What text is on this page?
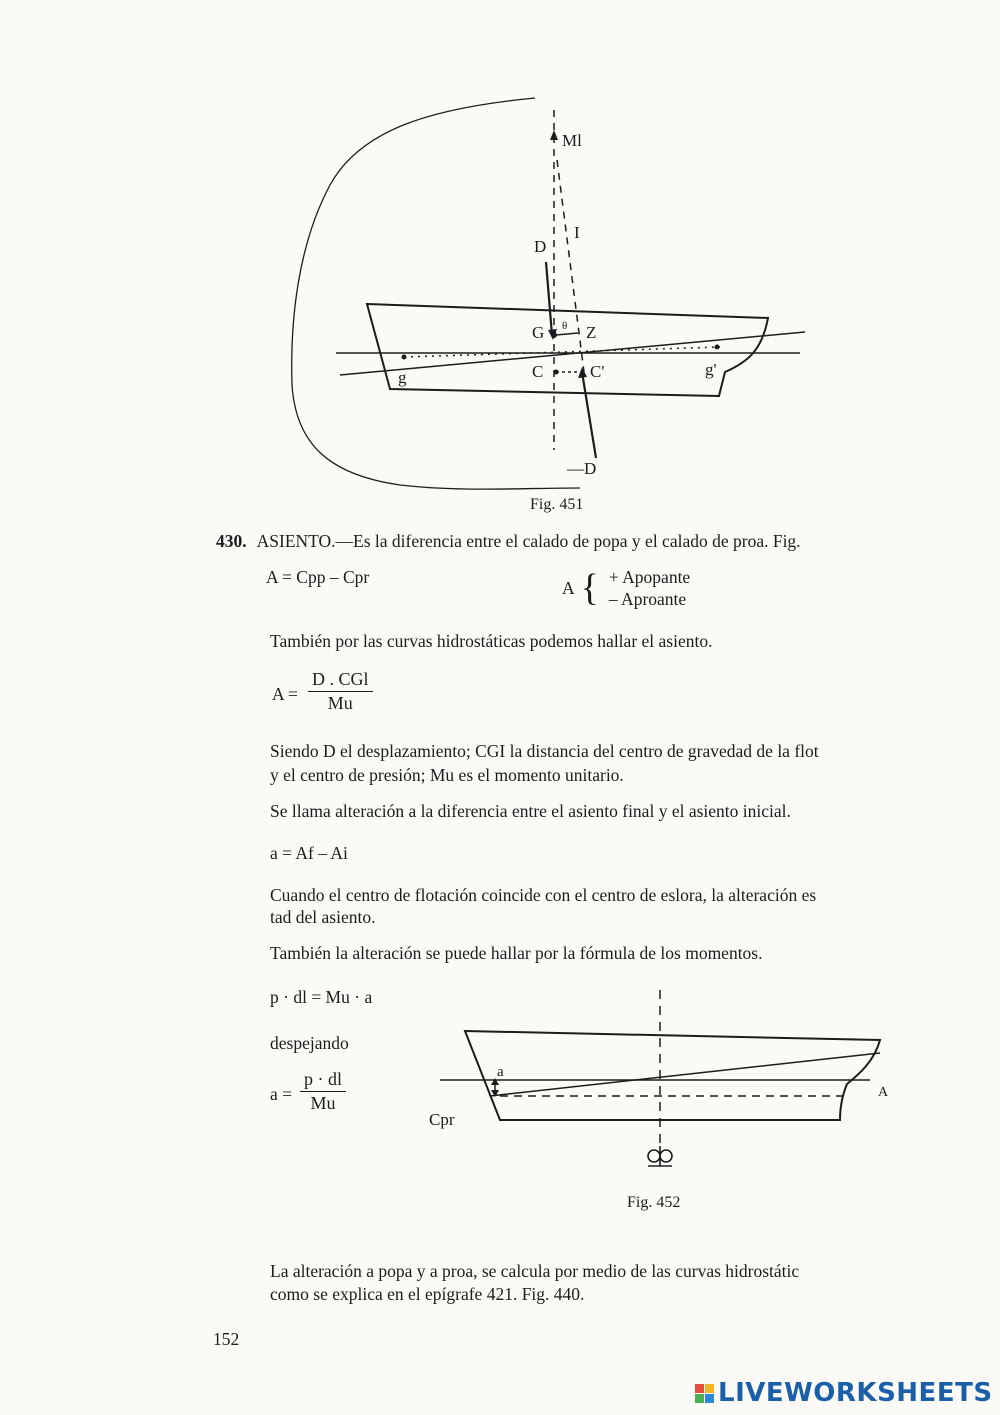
Ml
I
D
G θ Z
C	C'
g	g'
—D
Fig. 451
430. ASIENTO.—Es la diferencia entre el calado de popa y el calado de proa. Fig.
A = Cpp – Cpr
A { + Apopante
– Aproante
También por las curvas hidrostáticas podemos hallar el asiento.
A =
D . CGl
Mu
Siendo D el desplazamiento; CGI la distancia del centro de gravedad de la flot
y el centro de presión; Mu es el momento unitario.
Se llama alteración a la diferencia entre el asiento final y el asiento inicial.
a = Af – Ai
Cuando el centro de flotación coincide con el centro de eslora, la alteración es
tad del asiento.
También la alteración se puede hallar por la fórmula de los momentos.
p · dl = Mu · a
despejando
a =
p · dl
Mu
a
Cpr
A
Fig. 452
La alteración a popa y a proa, se calcula por medio de las curvas hidrostátic
como se explica en el epígrafe 421. Fig. 440.
152
LIVEWORKSHEETS
